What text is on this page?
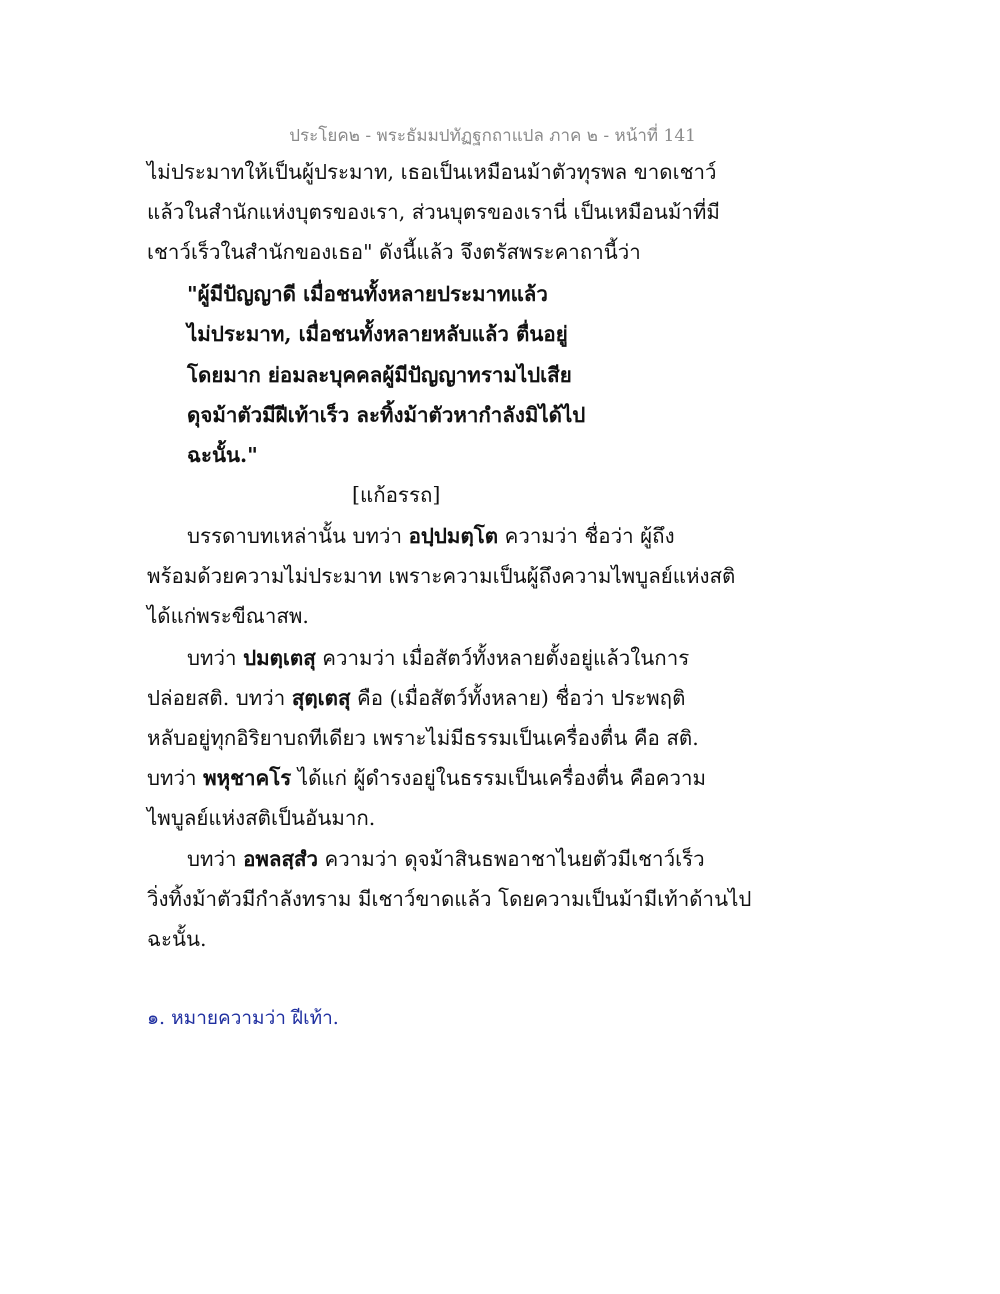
ประโยค๒ - พระธัมมปทัฏฐกถาแปล ภาค ๒ - หน้าที่ 141
ไม่ประมาทให้เป็นผู้ประมาท, เธอเป็นเหมือนม้าตัวทุรพล ขาดเชาว์
แล้วในสำนักแห่งบุตรของเรา, ส่วนบุตรของเรานี่ เป็นเหมือนม้าที่มี
เชาว์เร็วในสำนักของเธอ" ดังนี้แล้ว จึงตรัสพระคาถานี้ว่า
"ผู้มีปัญญาดี เมื่อชนทั้งหลายประมาทแล้ว
ไม่ประมาท, เมื่อชนทั้งหลายหลับแล้ว ตื่นอยู่
โดยมาก ย่อมละบุคคลผู้มีปัญญาทรามไปเสีย
ดุจม้าตัวมีฝีเท้าเร็ว ละทิ้งม้าตัวหากำลังมิได้ไป
ฉะนั้น."
[แก้อรรถ]
บรรดาบทเหล่านั้น บทว่า อปฺปมตฺโต ความว่า ชื่อว่า ผู้ถึง
พร้อมด้วยความไม่ประมาท เพราะความเป็นผู้ถึงความไพบูลย์แห่งสติ
ได้แก่พระขีณาสพ.
บทว่า ปมตฺเตสุ ความว่า เมื่อสัตว์ทั้งหลายตั้งอยู่แล้วในการ
ปล่อยสติ. บทว่า สุตฺเตสุ คือ (เมื่อสัตว์ทั้งหลาย) ชื่อว่า ประพฤติ
หลับอยู่ทุกอิริยาบถทีเดียว เพราะไม่มีธรรมเป็นเครื่องตื่น คือ สติ.
บทว่า พหุชาคโร ได้แก่ ผู้ดำรงอยู่ในธรรมเป็นเครื่องตื่น คือความ
ไพบูลย์แห่งสติเป็นอันมาก.
บทว่า อพลสฺสํว ความว่า ดุจม้าสินธพอาชาไนยตัวมีเชาว์เร็ว
วิ่งทิ้งม้าตัวมีกำลังทราม มีเชาว์ขาดแล้ว โดยความเป็นม้ามีเท้าด้านไป
ฉะนั้น.
๑. หมายความว่า ฝีเท้า.
